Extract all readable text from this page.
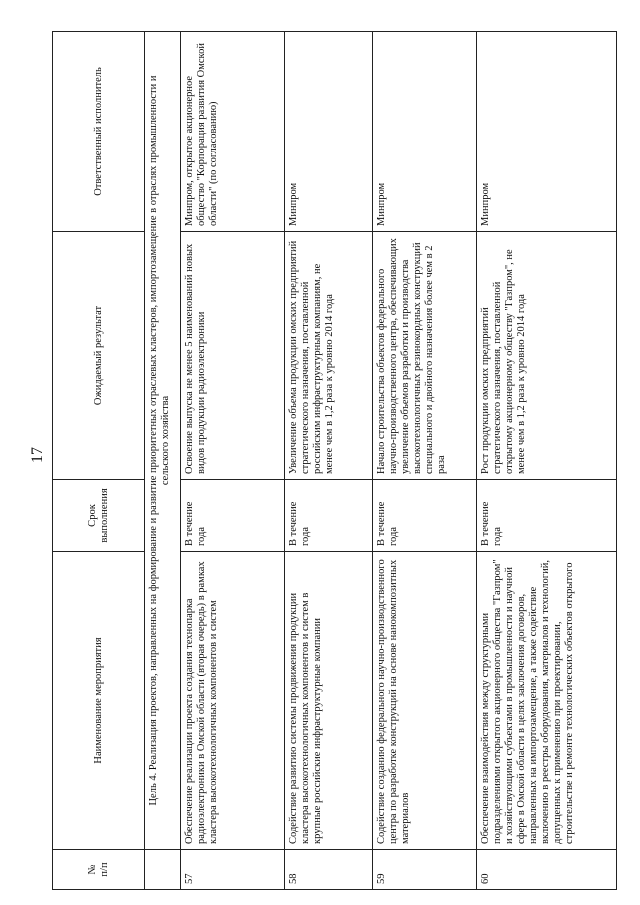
17
№
п/п	Наименование мероприятия	Срок выполнения	Ожидаемый результат	Ответственный исполнитель
	Цель 4. Реализация проектов, направленных на формирование и развитие приоритетных отраслевых кластеров, импортозамещение в отраслях промышленности и сельского хозяйства			
57	Обеспечение реализации проекта создания технопарка радиоэлектроники в Омской области (вторая очередь) в рамках кластера высокотехнологичных компонентов и систем	В течение года	Освоение выпуска не менее 5 наименований новых видов продукции радиоэлектроники	Минпром, открытое акционерное общество "Корпорация развития Омской области" (по согласованию)
58	Содействие развитию системы продвижения продукции кластера высокотехнологичных компонентов и систем в крупные российские инфраструктурные компании	В течение года	Увеличение объема продукции омских предприятий стратегического назначения, поставленной российским инфраструктурным компаниям, не менее чем в 1,2 раза к уровню 2014 года	Минпром
59	Содействие созданию федерального научно-производственного центра по разработке конструкций на основе нанокомпозитных материалов	В течение года	Начало строительства объектов федерального научно-производственного центра, обеспечивающих увеличение объемов разработки и производства высокотехнологичных резинокордных конструкций специального и двойного назначения более чем в 2 раза	Минпром
60	Обеспечение взаимодействия между структурными подразделениями открытого акционерного общества "Газпром" и хозяйствующими субъектами в промышленности и научной сфере в Омской области в целях заключения договоров, направленных на импортозамещение, а также содействие включению в реестры оборудования, материалов и технологий, допущенных к применению при проектировании, строительстве и ремонте технологических объектов открытого	В течение года	Рост продукции омских предприятий стратегического назначения, поставленной открытому акционерному обществу "Газпром", не менее чем в 1,2 раза к уровню 2014 года	Минпром
